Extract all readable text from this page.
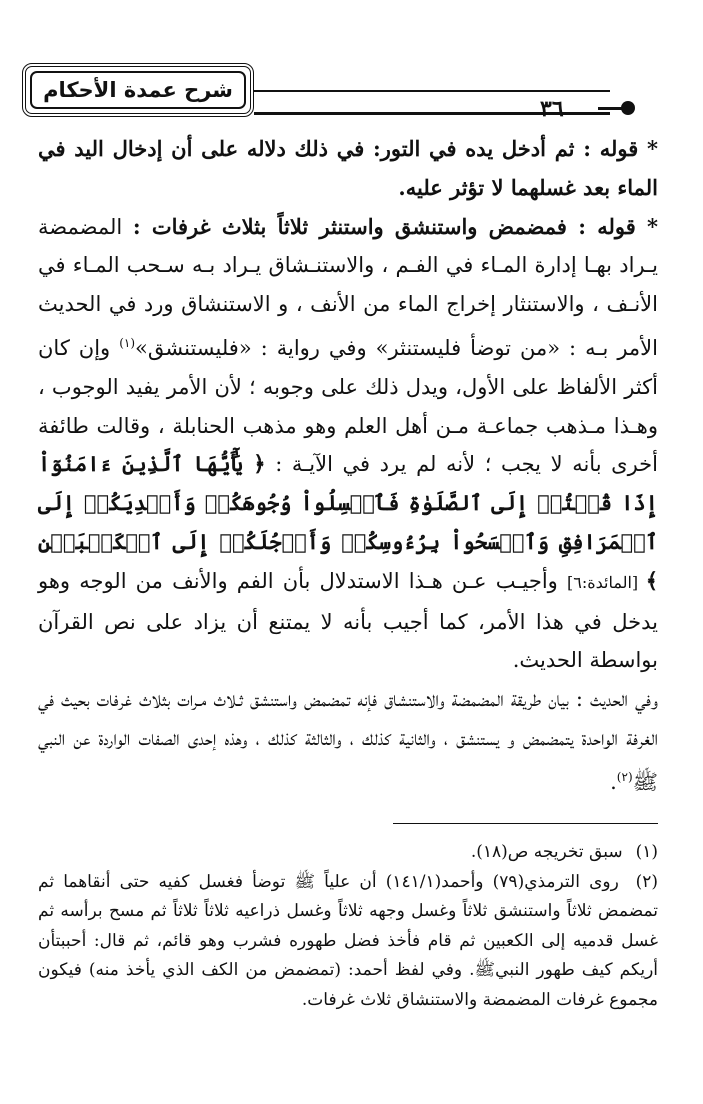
شرح عمدة الأحكام
٣٦

* قوله : ثم أدخل يده في التور: في ذلك دلاله على أن إدخال اليد في الماء بعد غسلهما لا تؤثر عليه.

* قوله : فمضمض واستنشق واستنثر ثلاثاً بثلاث غرفات : المضمضة يـراد بهـا إدارة المـاء في الفـم ، والاستنـشاق يـراد بـه سـحب المـاء في الأنـف ، والاستنثار إخراج الماء من الأنف ، و الاستنشاق ورد في الحديث الأمر بـه : «من توضأ فليستنثر» وفي رواية : «فليستنشق»$^{(١)}$ وإن كان أكثر الألفاظ على الأول، ويدل ذلك على وجوبه ؛ لأن الأمر يفيد الوجوب ، وهـذا مـذهب جماعـة مـن أهل العلم وهو مذهب الحنابلة ، وقالت طائفة أخرى بأنه لا يجب ؛ لأنه لم يرد في الآيـة : ﴿ يَٰٓأَيُّهَا ٱلَّذِينَ ءَامَنُوٓاْ إِذَا قُمۡتُمۡ إِلَى ٱلصَّلَوٰةِ فَٱغۡسِلُواْ وُجُوهَكُمۡ وَأَيۡدِيَكُمۡ إِلَى ٱلۡمَرَافِقِ وَٱمۡسَحُواْ بِرُءُوسِكُمۡ وَأَرۡجُلَكُمۡ إِلَى ٱلۡكَعۡبَيۡنِ ﴾ [المائدة:٦] وأجيـب عـن هـذا الاستدلال بأن الفم والأنف من الوجه وهو يدخل في هذا الأمر، كما أجيب بأنه لا يمتنع أن يزاد على نص القرآن بواسطة الحديث.

وفي الحديث : بيان طريقة المضمضة والاستنشاق فإنه تمضمض واستنشق ثـلاث مـرات بثلاث غرفات بحيث في الغرفة الواحدة يتمضمض و يستنشق ، والثانية كذلك ، والثالثة كذلك ، وهذه إحدى الصفات الواردة عن النبي ﷺ$^{(٢)}$.

(١) سبق تخريجه ص(١٨).

(٢) روى الترمذي(٧٩) وأحمد(١٤١/١) أن علياً ﷺ توضأ فغسل كفيه حتى أنقاهما ثم تمضمض ثلاثاً واستنشق ثلاثاً وغسل وجهه ثلاثاً وغسل ذراعيه ثلاثاً ثلاثاً ثم مسح برأسه ثم غسل قدميه إلى الكعبين ثم قام فأخذ فضل طهوره فشرب وهو قائم، ثم قال: أحببتأن أريكم كيف طهور النبيﷺ. وفي لفظ أحمد: (تمضمض من الكف الذي يأخذ منه) فيكون مجموع غرفات المضمضة والاستنشاق ثلاث غرفات.
